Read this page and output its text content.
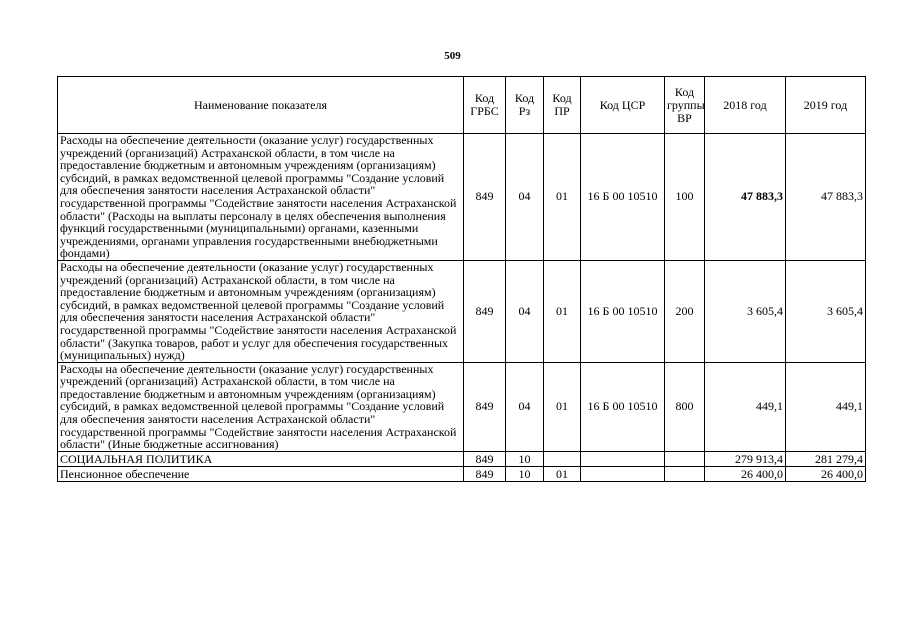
509
Наименование показателя	Код ГРБС	Код Рз	Код ПР	Код ЦСР	Код группы ВР	2018 год	2019 год
Расходы на обеспечение деятельности (оказание услуг) государственных учреждений (организаций) Астраханской области, в том числе на предоставление бюджетным и автономным учреждениям (организациям) субсидий, в рамках ведомственной целевой программы "Создание условий для обеспечения занятости населения Астраханской области" государственной программы "Содействие занятости населения Астраханской области" (Расходы на выплаты персоналу в целях обеспечения выполнения функций государственными (муниципальными) органами, казенными учреждениями, органами управления государственными внебюджетными фондами)	849	04	01	16 Б 00 10510	100	47 883,3	47 883,3
Расходы на обеспечение деятельности (оказание услуг) государственных учреждений (организаций) Астраханской области, в том числе на предоставление бюджетным и автономным учреждениям (организациям) субсидий, в рамках ведомственной целевой программы "Создание условий для обеспечения занятости населения Астраханской области" государственной программы "Содействие занятости населения Астраханской области" (Закупка товаров, работ и услуг для обеспечения государственных (муниципальных) нужд)	849	04	01	16 Б 00 10510	200	3 605,4	3 605,4
Расходы на обеспечение деятельности (оказание услуг) государственных учреждений (организаций) Астраханской области, в том числе на предоставление бюджетным и автономным учреждениям (организациям) субсидий, в рамках ведомственной целевой программы "Создание условий для обеспечения занятости населения Астраханской области" государственной программы "Содействие занятости населения Астраханской области" (Иные бюджетные ассигнования)	849	04	01	16 Б 00 10510	800	449,1	449,1
СОЦИАЛЬНАЯ ПОЛИТИКА	849	10				279 913,4	281 279,4
Пенсионное обеспечение	849	10	01			26 400,0	26 400,0
